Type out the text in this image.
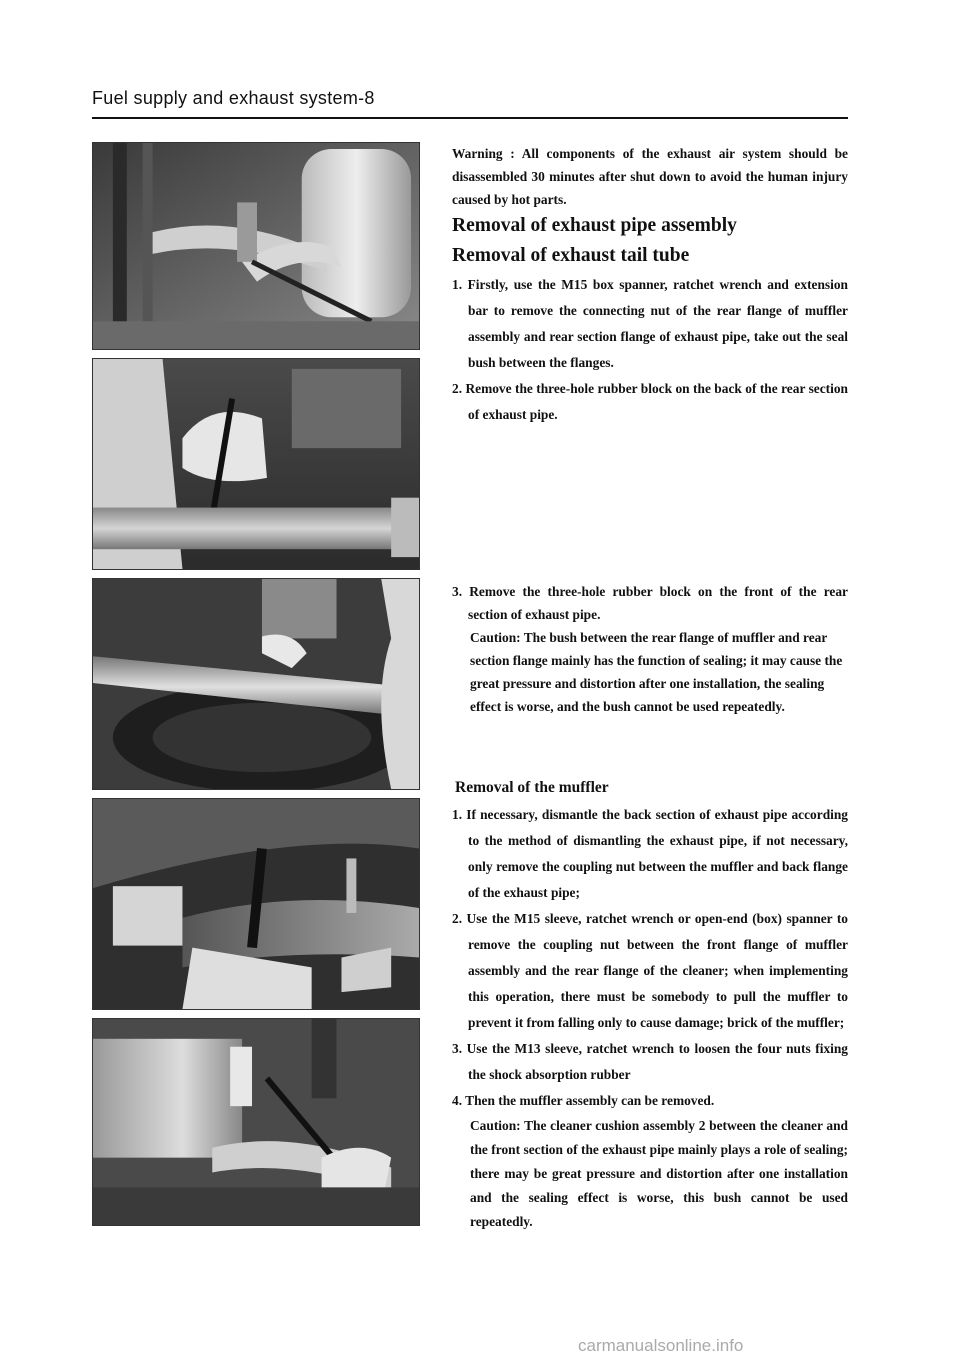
Fuel supply and exhaust system-8
Warning : All components of the exhaust air system should be disassembled 30 minutes after shut down to avoid the human injury caused by hot parts.
Removal of exhaust pipe assembly
Removal of exhaust tail tube
1. Firstly, use the M15 box spanner, ratchet wrench and extension bar to remove the connecting nut of the rear flange of muffler assembly and rear section flange of exhaust pipe, take out the seal bush between the flanges.
2. Remove the three-hole rubber block on the back of the rear section of exhaust pipe.
3. Remove the three-hole rubber block on the front of the rear section of exhaust pipe.
Caution: The bush between the rear flange of muffler and rear section flange mainly has the function of sealing; it may cause the great pressure and distortion after one installation, the sealing effect is worse, and the bush cannot be used repeatedly.
Removal of the muffler
1. If necessary, dismantle the back section of exhaust pipe according to the method of dismantling the exhaust pipe, if not necessary, only remove the coupling nut between the muffler and back flange of the exhaust pipe;
2. Use the M15 sleeve, ratchet wrench or open-end (box) spanner to remove the coupling nut between the front flange of muffler assembly and the rear flange of the cleaner; when implementing this operation, there must be somebody to pull the muffler to prevent it from falling only to cause damage; brick of the muffler;
3. Use the M13 sleeve, ratchet wrench to loosen the four nuts fixing the shock absorption rubber
4. Then the muffler assembly can be removed.
Caution: The cleaner cushion assembly 2 between the cleaner and the front section of the exhaust pipe mainly plays a role of sealing; there may be great pressure and distortion after one installation and the sealing effect is worse, this bush cannot be used repeatedly.
carmanualsonline.info
